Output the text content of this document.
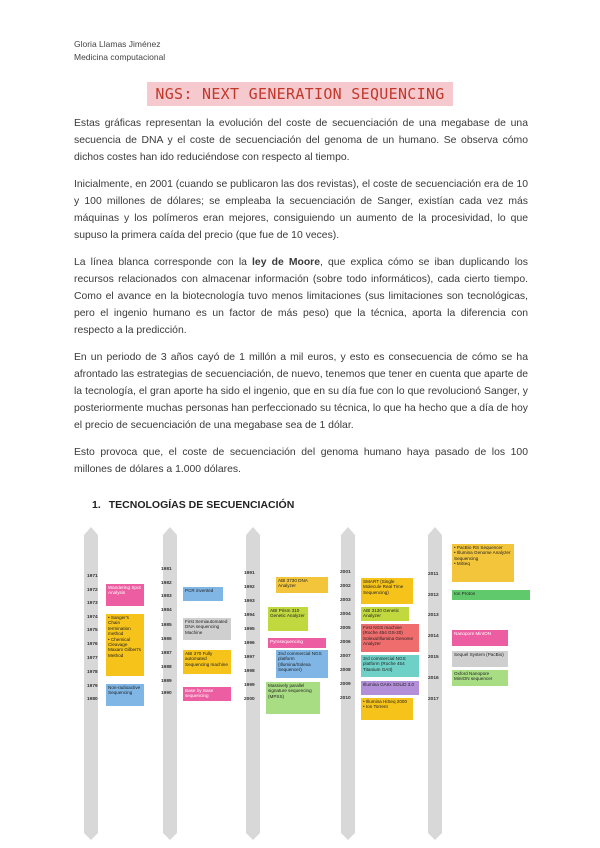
Gloria Llamas Jiménez
Medicina computacional
NGS: NEXT GENERATION SEQUENCING

Estas gráficas representan la evolución del coste de secuenciación de una megabase de una secuencia de DNA y el coste de secuenciación del genoma de un humano. Se observa cómo dichos costes han ido reduciéndose con respecto al tiempo.

Inicialmente, en 2001 (cuando se publicaron las dos revistas), el coste de secuenciación era de 10 y 100 millones de dólares; se empleaba la secuenciación de Sanger, existían cada vez más máquinas y los polímeros eran mejores, consiguiendo un aumento de la procesividad, lo que supuso la primera caída del precio (que fue de 10 veces).

La línea blanca corresponde con la ley de Moore, que explica cómo se iban duplicando los recursos relacionados con almacenar información (sobre todo informáticos), cada cierto tiempo. Como el avance en la biotecnología tuvo menos limitaciones (sus limitaciones son tecnológicas, pero el ingenio humano es un factor de más peso) que la técnica, aporta la diferencia con respecto a la predicción.

En un periodo de 3 años cayó de 1 millón a mil euros, y esto es consecuencia de cómo se ha afrontado las estrategias de secuenciación, de nuevo, tenemos que tener en cuenta que aparte de la tecnología, el gran aporte ha sido el ingenio, que en su día fue con lo que revolucionó Sanger, y posteriormente muchas personas han perfeccionado su técnica, lo que ha hecho que a día de hoy el precio de secuenciación de una megabase sea de 1 dólar.

Esto provoca que, el coste de secuenciación del genoma humano haya pasado de los 100 millones de dólares a 1.000 dólares.

1. TECNOLOGÍAS DE SECUENCIACIÓN
1971
1972
1973
1974
1975
1976
1977
1978
1979
1980
Wandering Spot Analysis
• Sanger's Chain termination method
• Chemical Cleavage Maxam Gilbert's Method
Non-radioactive Sequencing
1981
1982
1983
1984
1985
1986
1987
1988
1989
1990
PCR invented
First Semiautomated DNA sequencing Machine
ABI 370 Fully automated Sequencing machine
Base by Base sequencing
1991
1992
1993
1994
1995
1996
1997
1998
1999
2000
ABI 3730 DNA Analyzer
ABI Prism 310 Genetic Analyzer
Pyrosequencing
2nd commercial NGS platform (Illumina/Solexa Sequencer)
Massively parallel signature sequencing (MPSS)
2001
2002
2003
2004
2005
2006
2007
2008
2009
2010
SMART (Single Molecule Real Time Sequencing)
ABI 3130 Genetic Analyzer
First NGS machine (Roche 454 GS-20) Solexa/Illumina Genome Analyzer
3rd commercial NGS platform (Roche 454 Titanium GAII)
Illumina GAIIx SOLiD 3.0
• Illumina HiSeq 2000
• Ion Torrent
2011
2012
2013
2014
2015
2016
2017
• PacBio RS Sequencer
• Illumina Genome Analyzer Sequencing
• MiSeq
Ion Proton
Nanopore MinION
Sequel System (PacBio)
Oxford Nanopore MinION sequencer
